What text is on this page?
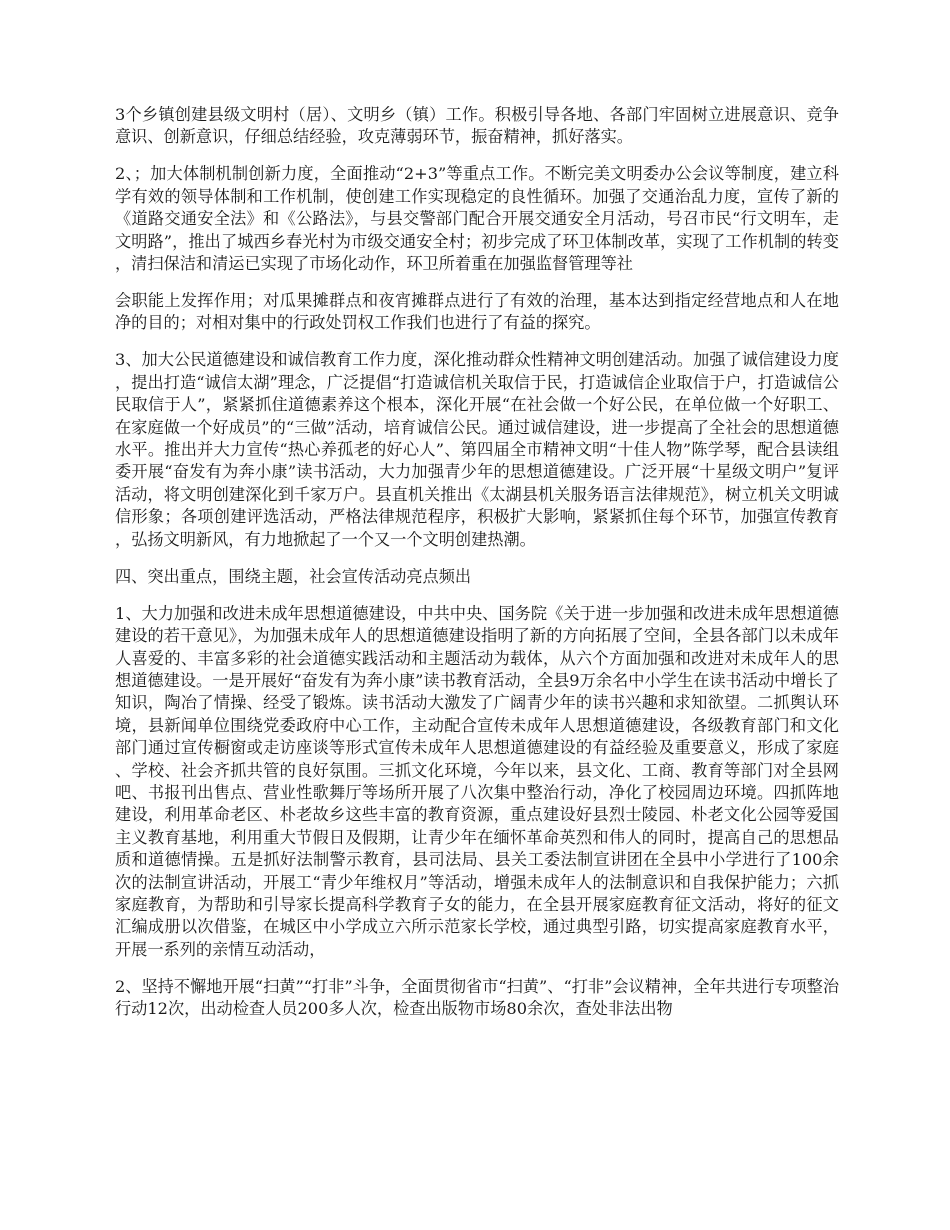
3个乡镇创建县级文明村（居）、文明乡（镇）工作。积极引导各地、各部门牢固树立进展意识、竞争意识、创新意识，仔细总结经验，攻克薄弱环节，振奋精神，抓好落实。

2、；加大体制机制创新力度，全面推动“2+3”等重点工作。不断完美文明委办公会议等制度，建立科学有效的领导体制和工作机制，使创建工作实现稳定的良性循环。加强了交通治乱力度，宣传了新的《道路交通安全法》和《公路法》，与县交警部门配合开展交通安全月活动，号召市民“行文明车，走文明路”，推出了城西乡春光村为市级交通安全村；初步完成了环卫体制改革，实现了工作机制的转变，清扫保洁和清运已实现了市场化动作，环卫所着重在加强监督管理等社

会职能上发挥作用；对瓜果摊群点和夜宵摊群点进行了有效的治理，基本达到指定经营地点和人在地净的目的；对相对集中的行政处罚权工作我们也进行了有益的探究。

3、加大公民道德建设和诚信教育工作力度，深化推动群众性精神文明创建活动。加强了诚信建设力度，提出打造“诚信太湖”理念，广泛提倡“打造诚信机关取信于民，打造诚信企业取信于户，打造诚信公民取信于人”，紧紧抓住道德素养这个根本，深化开展“在社会做一个好公民，在单位做一个好职工、在家庭做一个好成员”的“三做”活动，培育诚信公民。通过诚信建设，进一步提高了全社会的思想道德水平。推出并大力宣传“热心养孤老的好心人”、第四届全市精神文明“十佳人物”陈学琴，配合县读组委开展“奋发有为奔小康”读书活动，大力加强青少年的思想道德建设。广泛开展“十星级文明户”复评活动，将文明创建深化到千家万户。县直机关推出《太湖县机关服务语言法律规范》，树立机关文明诚信形象；各项创建评选活动，严格法律规范程序，积极扩大影响，紧紧抓住每个环节，加强宣传教育，弘扬文明新风，有力地掀起了一个又一个文明创建热潮。

四、突出重点，围绕主题，社会宣传活动亮点频出

1、大力加强和改进未成年思想道德建设，中共中央、国务院《关于进一步加强和改进未成年思想道德建设的若干意见》，为加强未成年人的思想道德建设指明了新的方向拓展了空间，全县各部门以未成年人喜爱的、丰富多彩的社会道德实践活动和主题活动为载体，从六个方面加强和改进对未成年人的思想道德建设。一是开展好“奋发有为奔小康”读书教育活动，全县9万余名中小学生在读书活动中增长了知识，陶冶了情操、经受了锻炼。读书活动大激发了广阔青少年的读书兴趣和求知欲望。二抓舆认环境，县新闻单位围绕党委政府中心工作，主动配合宣传未成年人思想道德建设，各级教育部门和文化部门通过宣传橱窗或走访座谈等形式宣传未成年人思想道德建设的有益经验及重要意义，形成了家庭、学校、社会齐抓共管的良好氛围。三抓文化环境，今年以来，县文化、工商、教育等部门对全县网吧、书报刊出售点、营业性歌舞厅等场所开展了八次集中整治行动，净化了校园周边环境。四抓阵地建设，利用革命老区、朴老故乡这些丰富的教育资源，重点建设好县烈士陵园、朴老文化公园等爱国主义教育基地，利用重大节假日及假期，让青少年在缅怀革命英烈和伟人的同时，提高自己的思想品质和道德情操。五是抓好法制警示教育，县司法局、县关工委法制宣讲团在全县中小学进行了100余次的法制宣讲活动，开展工“青少年维权月”等活动，增强未成年人的法制意识和自我保护能力；六抓家庭教育，为帮助和引导家长提高科学教育子女的能力，在全县开展家庭教育征文活动，将好的征文汇编成册以次借鉴，在城区中小学成立六所示范家长学校，通过典型引路，切实提高家庭教育水平，开展一系列的亲情互动活动，

2、坚持不懈地开展“扫黄”“打非”斗争，全面贯彻省市“扫黄”、“打非”会议精神，全年共进行专项整治行动12次，出动检查人员200多人次，检查出版物市场80余次，查处非法出物
